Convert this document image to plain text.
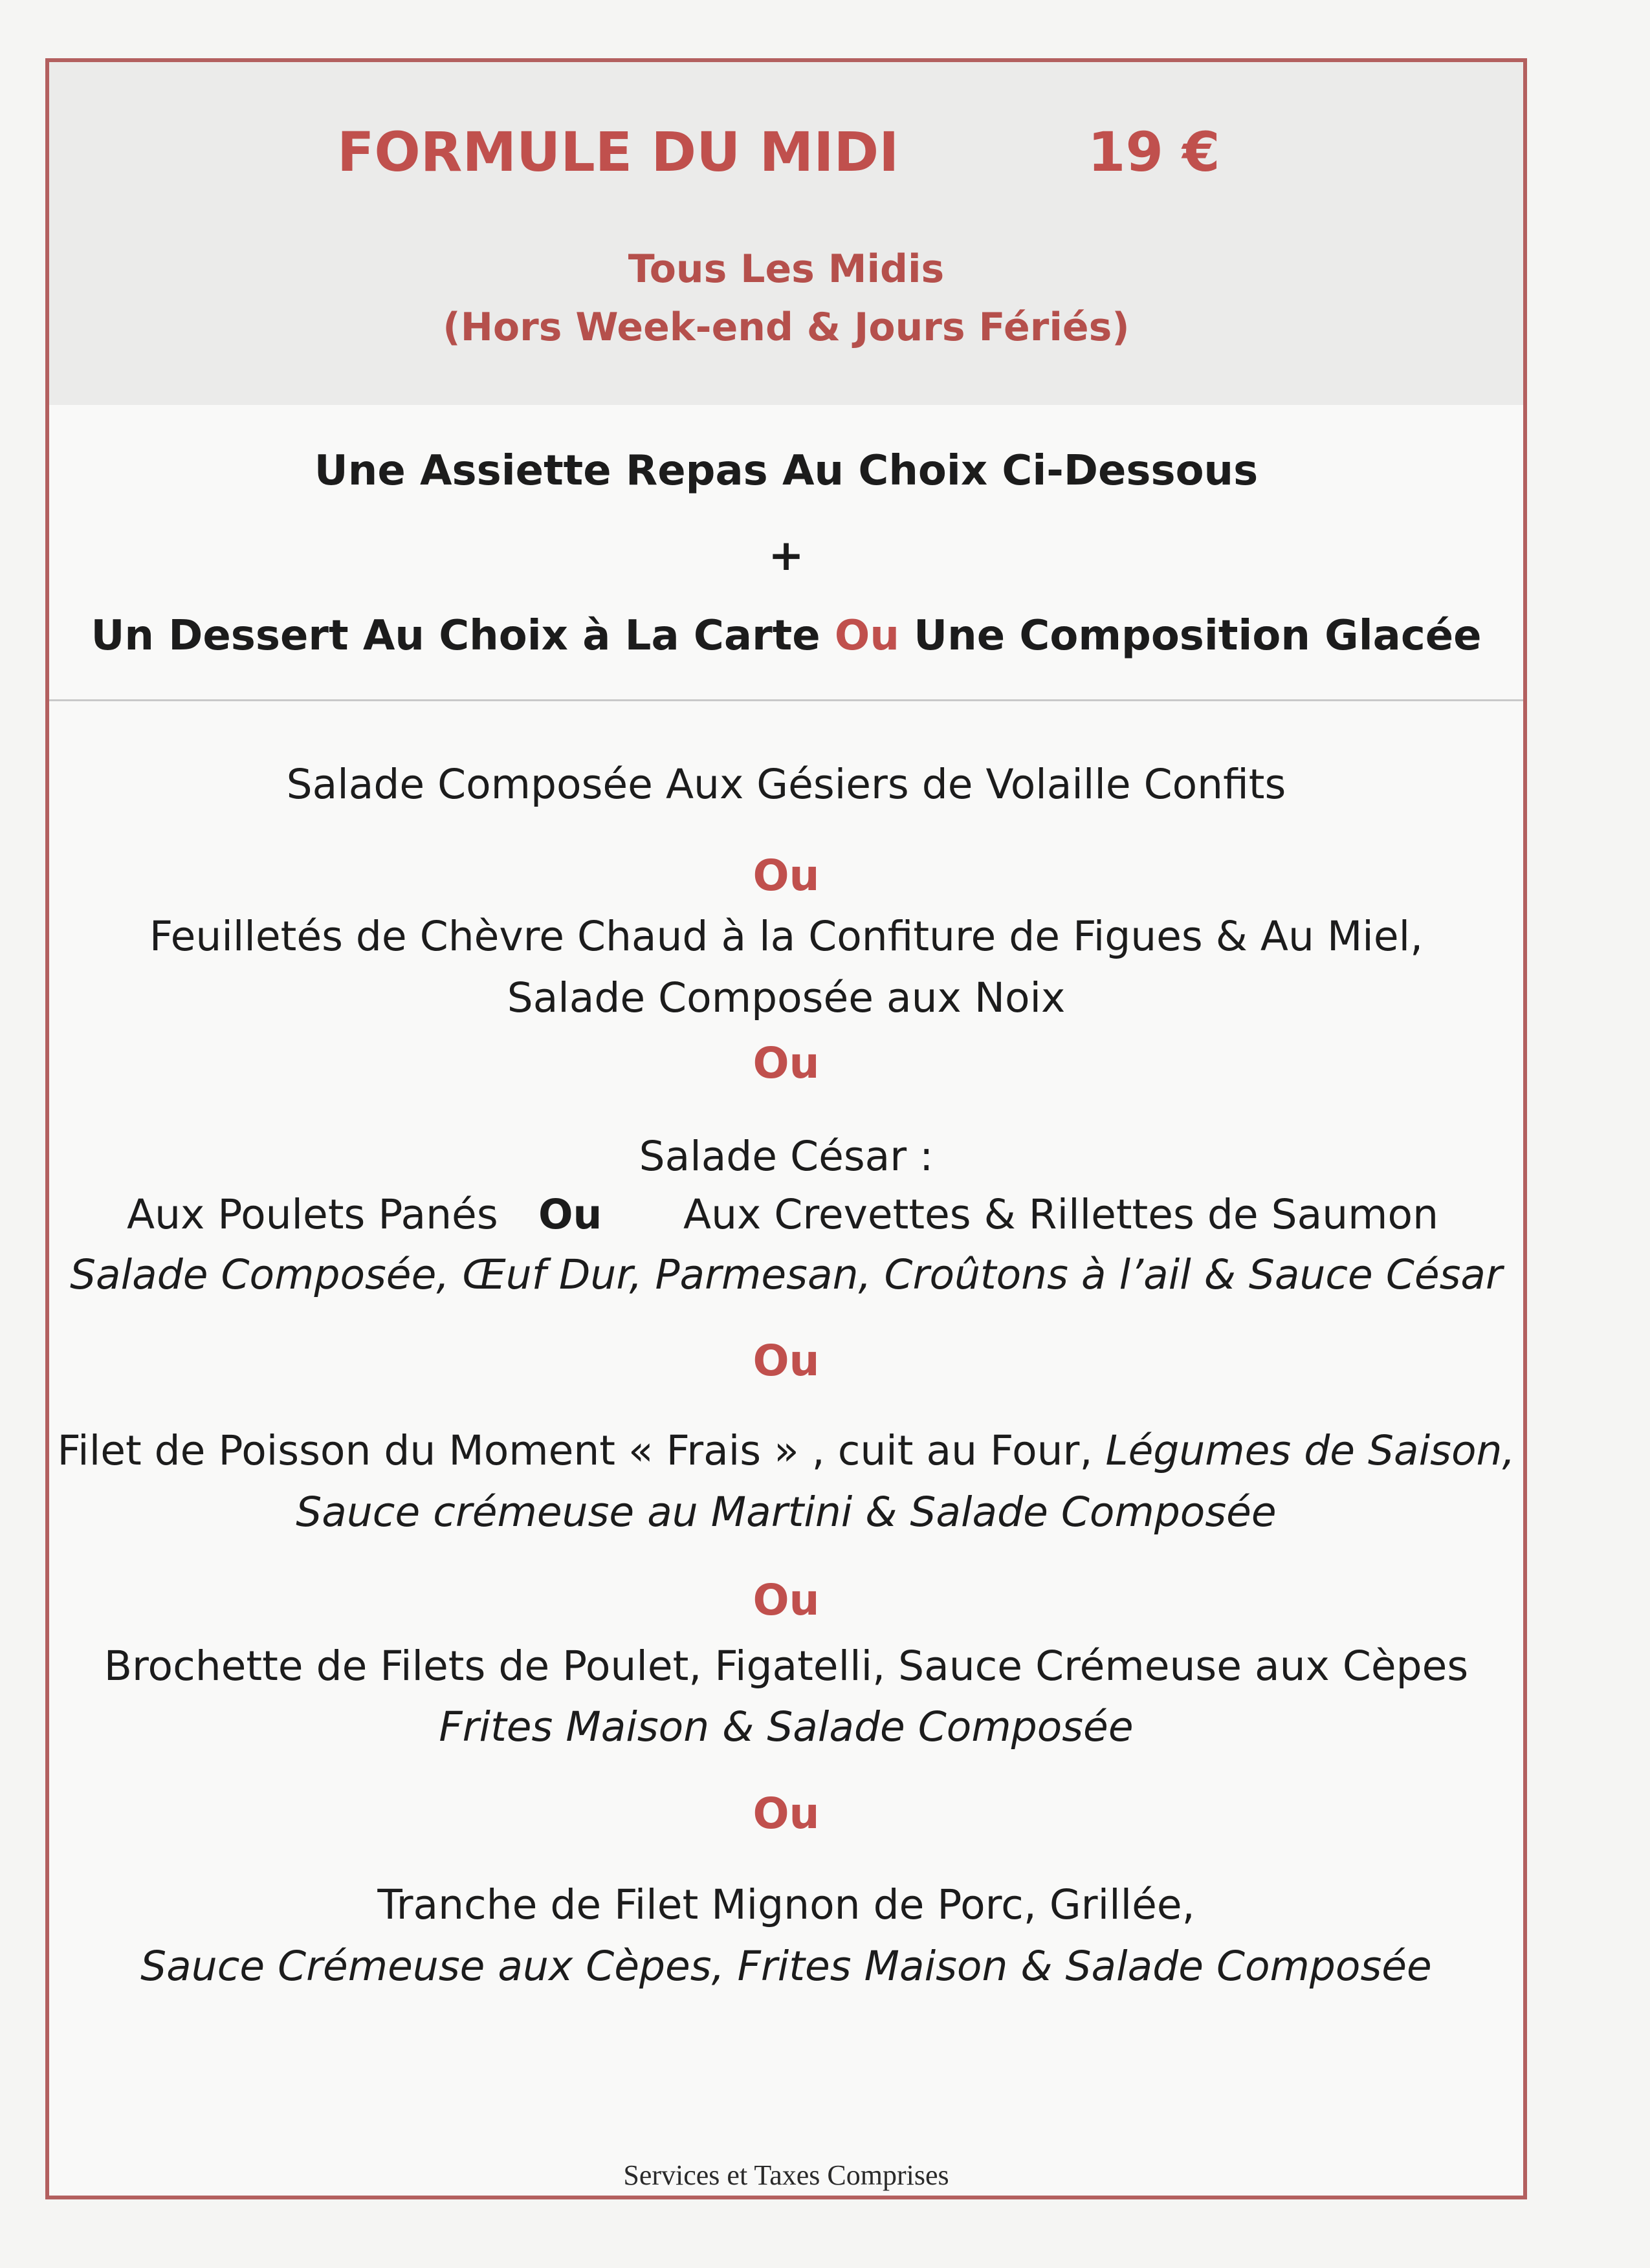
FORMULE DU MIDI	19 €
Tous Les Midis
(Hors Week-end & Jours Fériés)
Une Assiette Repas Au Choix Ci-Dessous
+
Un Dessert Au Choix à La Carte Ou Une Composition Glacée
Salade Composée Aux Gésiers de Volaille Confits
Ou
Feuilletés de Chèvre Chaud à la Confiture de Figues & Au Miel,
Salade Composée aux Noix
Ou
Salade César :
Aux Poulets Panés Ou Aux Crevettes & Rillettes de Saumon
Salade Composée, Œuf Dur, Parmesan, Croûtons à l’ail & Sauce César
Ou
Filet de Poisson du Moment « Frais » , cuit au Four, Légumes de Saison,
Sauce crémeuse au Martini & Salade Composée
Ou
Brochette de Filets de Poulet, Figatelli, Sauce Crémeuse aux Cèpes
Frites Maison & Salade Composée
Ou
Tranche de Filet Mignon de Porc, Grillée,
Sauce Crémeuse aux Cèpes, Frites Maison & Salade Composée
Services et Taxes Comprises
